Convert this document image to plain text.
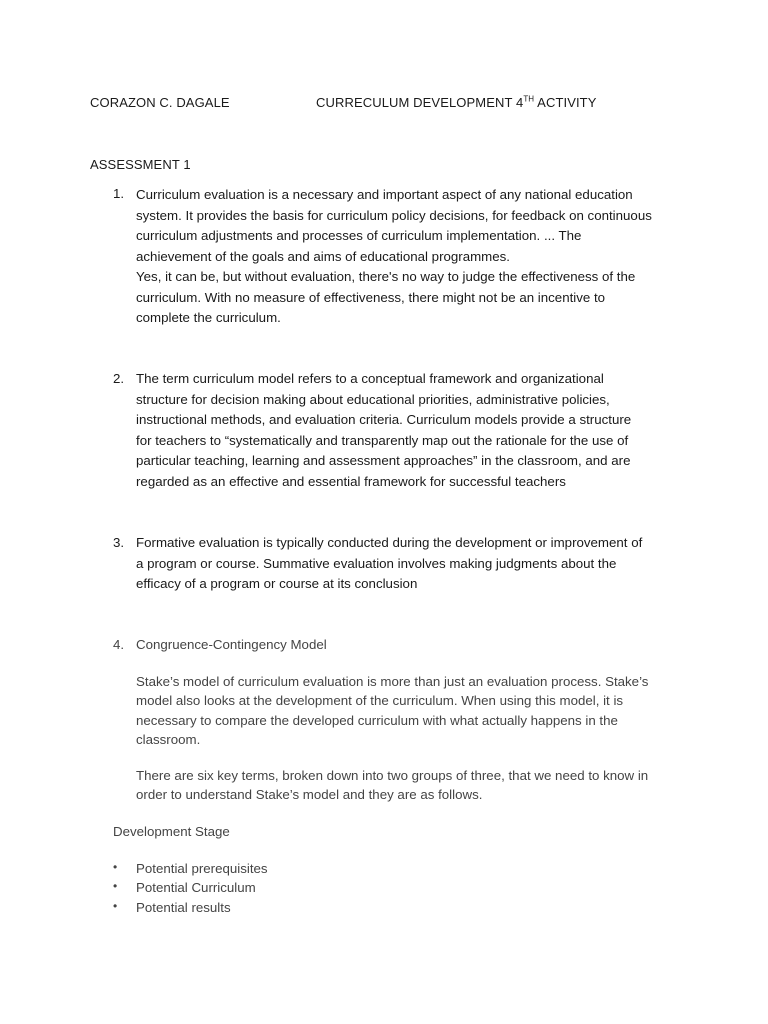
CORAZON C. DAGALE	CURRECULUM DEVELOPMENT 4TH ACTIVITY
ASSESSMENT 1
1. Curriculum evaluation is a necessary and important aspect of any national education
system. It provides the basis for curriculum policy decisions, for feedback on continuous
curriculum adjustments and processes of curriculum implementation. ... The
achievement of the goals and aims of educational programmes.
Yes, it can be, but without evaluation, there's no way to judge the effectiveness of the
curriculum. With no measure of effectiveness, there might not be an incentive to
complete the curriculum.
2. The term curriculum model refers to a conceptual framework and organizational
structure for decision making about educational priorities, administrative policies,
instructional methods, and evaluation criteria. Curriculum models provide a structure
for teachers to “systematically and transparently map out the rationale for the use of
particular teaching, learning and assessment approaches” in the classroom, and are
regarded as an effective and essential framework for successful teachers
3. Formative evaluation is typically conducted during the development or improvement of
a program or course. Summative evaluation involves making judgments about the
efficacy of a program or course at its conclusion
4. Congruence-Contingency Model
Stake’s model of curriculum evaluation is more than just an evaluation process. Stake’s
model also looks at the development of the curriculum. When using this model, it is
necessary to compare the developed curriculum with what actually happens in the
classroom.
There are six key terms, broken down into two groups of three, that we need to know in
order to understand Stake’s model and they are as follows.
Development Stage
• Potential prerequisites
• Potential Curriculum
• Potential results
